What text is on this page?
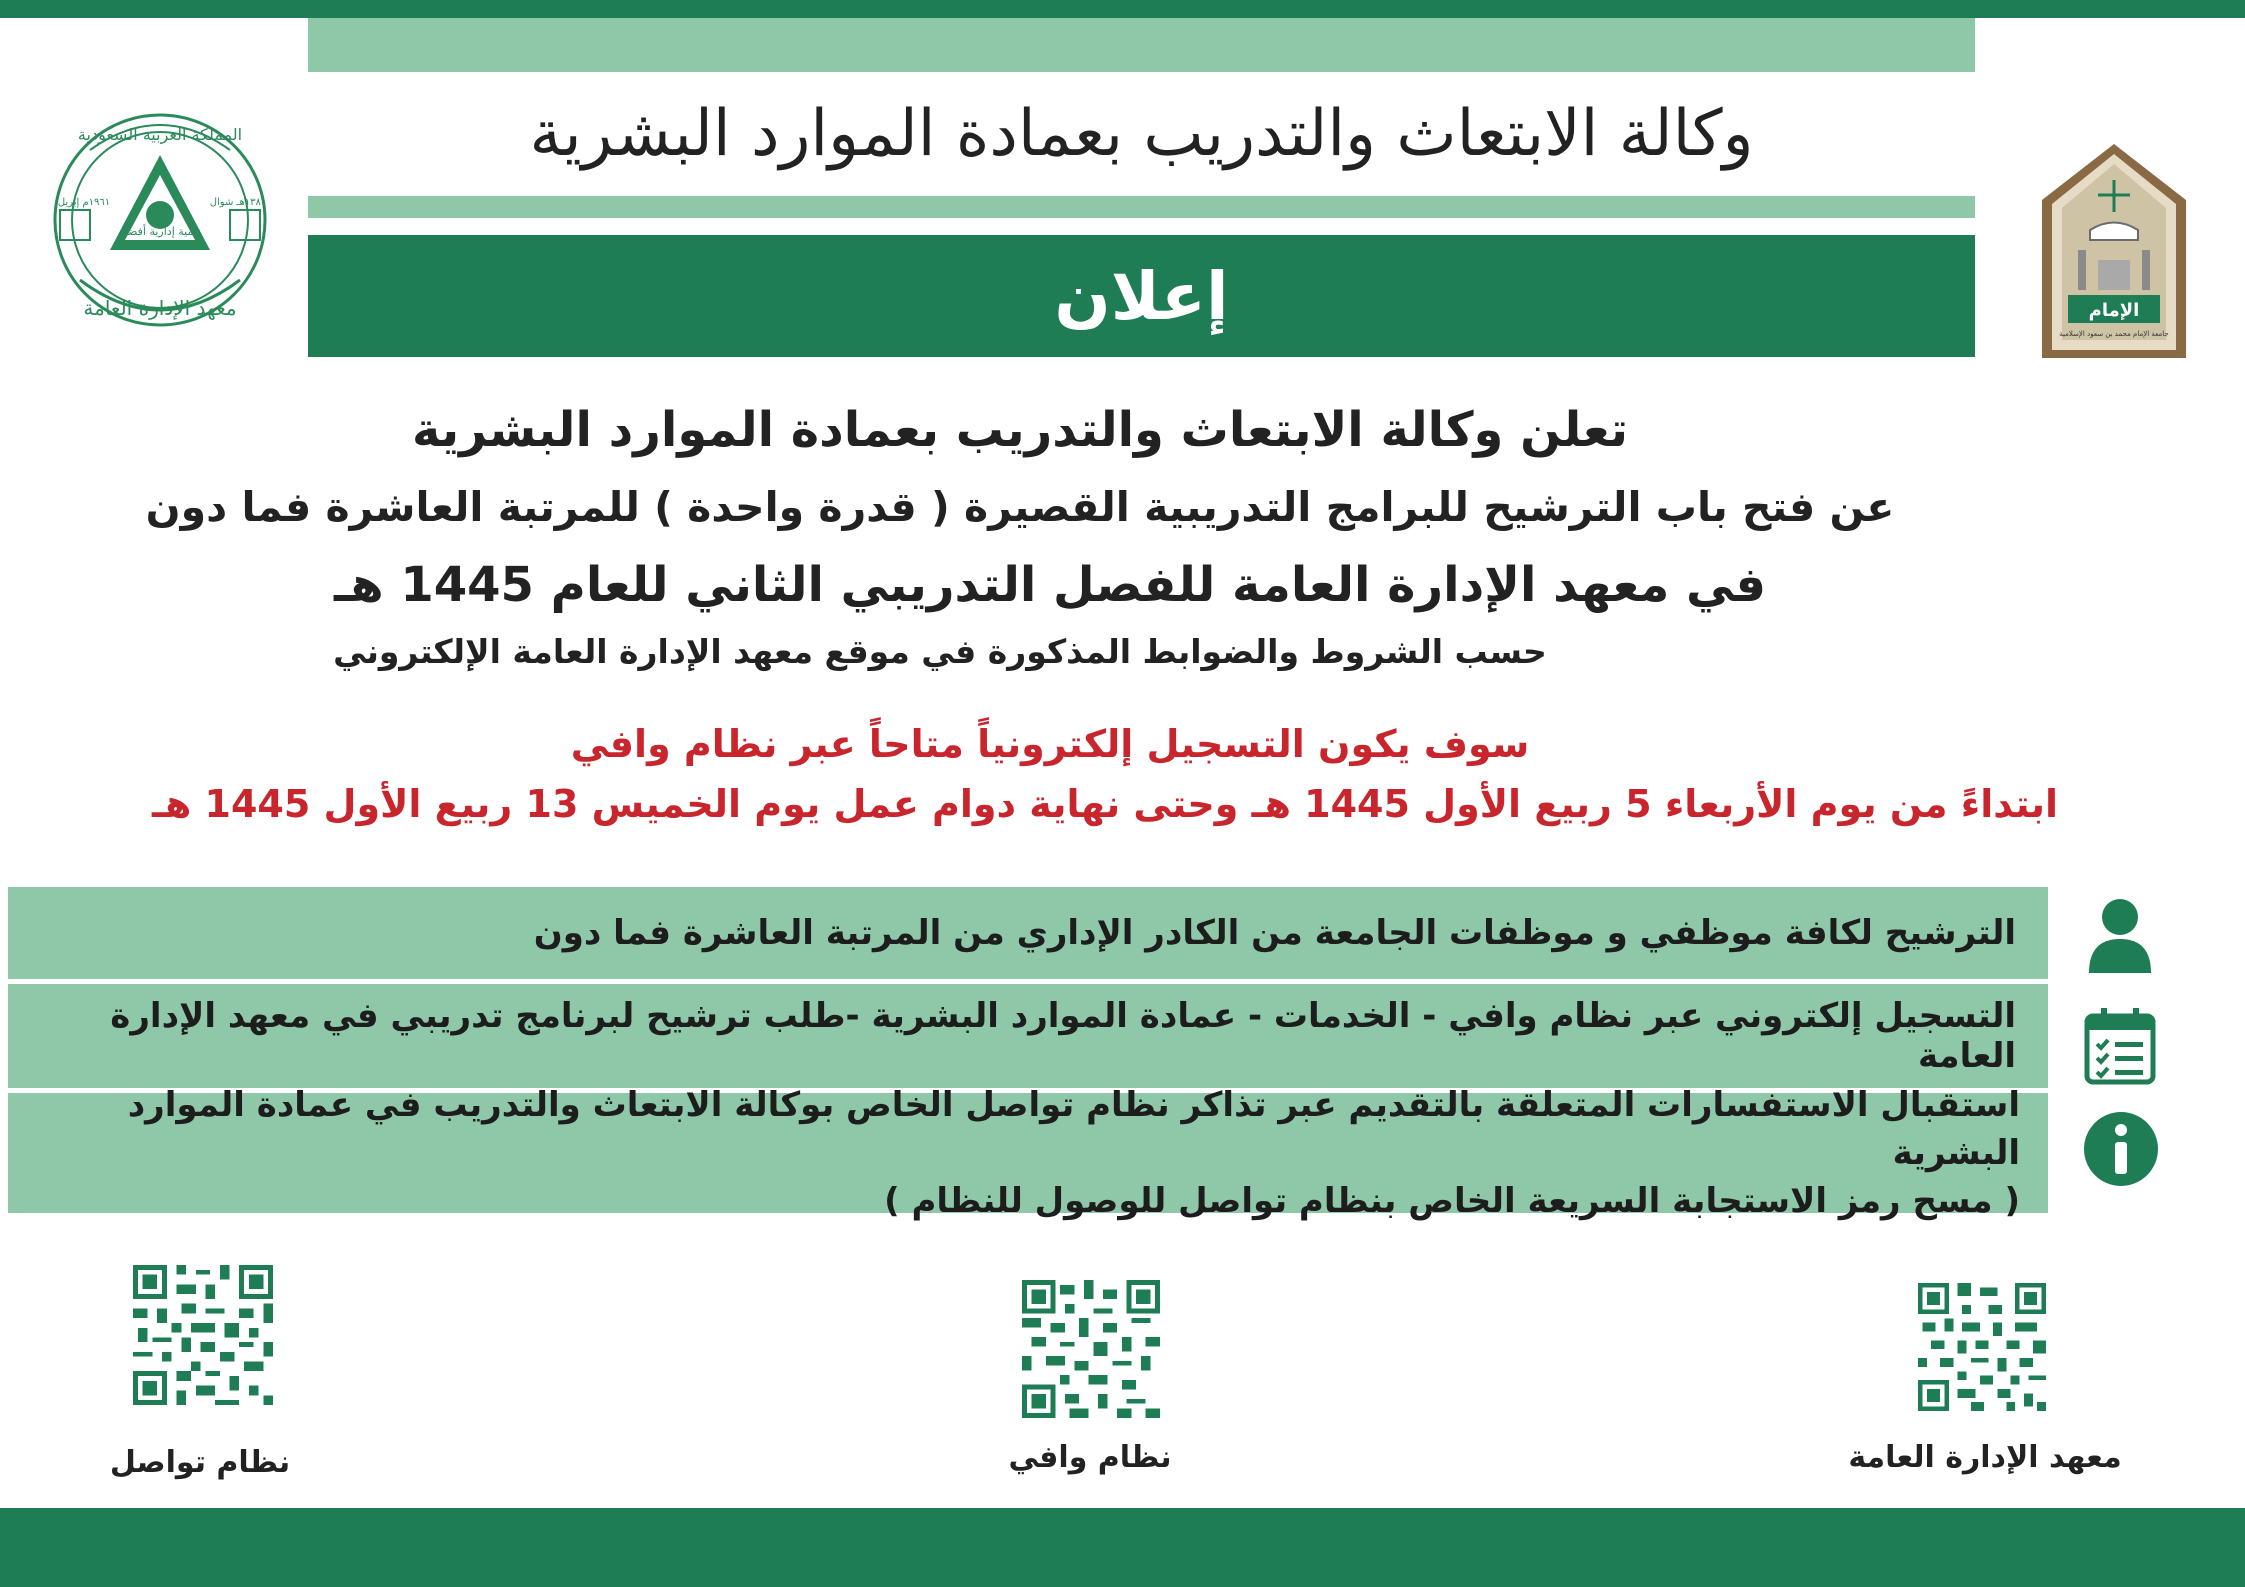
وكالة الابتعاث والتدريب بعمادة الموارد البشرية
إعلان
المملكة العربية السعودية
معهد الإدارة العامة
تنمية إدارية أفضل
١٩٦١م إبريل	١٣٨٠هـ شوال
الإمام
جامعة الإمام محمد بن سعود الإسلامية
تعلن وكالة الابتعاث والتدريب بعمادة الموارد البشرية
عن فتح باب الترشيح للبرامج التدريبية القصيرة ( قدرة واحدة ) للمرتبة العاشرة فما دون
في معهد الإدارة العامة للفصل التدريبي الثاني للعام 1445 هـ
حسب الشروط والضوابط المذكورة في موقع معهد الإدارة العامة الإلكتروني
سوف يكون التسجيل إلكترونياً متاحاً عبر نظام وافي
ابتداءً من يوم الأربعاء 5 ربيع الأول 1445 هـ وحتى نهاية دوام عمل يوم الخميس 13 ربيع الأول 1445 هـ
الترشيح لكافة موظفي و موظفات الجامعة من الكادر الإداري من المرتبة العاشرة فما دون
التسجيل إلكتروني عبر نظام وافي - الخدمات - عمادة الموارد البشرية -طلب ترشيح لبرنامج تدريبي في معهد الإدارة العامة
استقبال الاستفسارات المتعلقة بالتقديم عبر تذاكر نظام تواصل الخاص بوكالة الابتعاث والتدريب في عمادة الموارد البشرية
( مسح رمز الاستجابة السريعة الخاص بنظام تواصل للوصول للنظام )
نظام تواصل	نظام وافي	معهد الإدارة العامة
